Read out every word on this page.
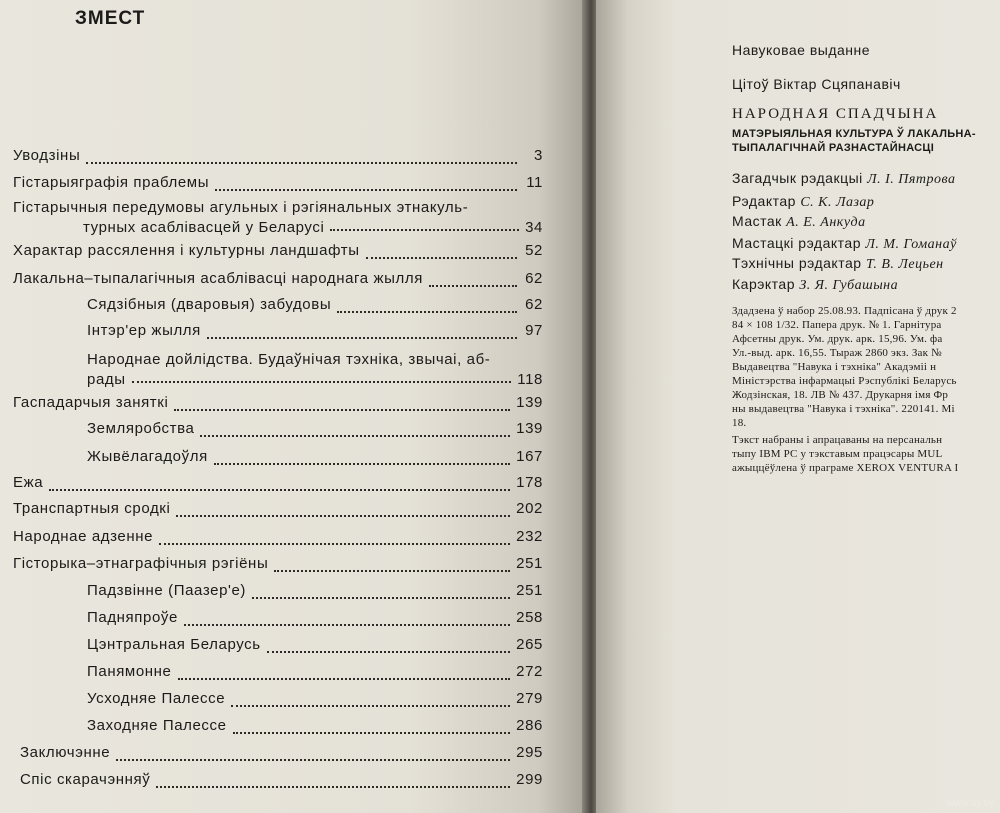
ЗМЕСТ
Уводзіны	3
Гістарыяграфія праблемы	11
Гістарычныя передумовы агульных і рэгіянальных этнакуль-
турных асаблівасцей у Беларусі	34
Характар рассялення і культурны ландшафты	52
Лакальна–тыпалагічныя асаблівасці народнага жылля	62
Сядзібныя (дваровыя) забудовы	62
Інтэр'ер жылля	97
Народнае дойлідства. Будаўнічая тэхніка, звычаі, аб-
рады	118
Гаспадарчыя заняткі	139
Земляробства	139
Жывёлагадоўля	167
Ежа	178
Транспартныя сродкі	202
Народнае адзенне	232
Гісторыка–этнаграфічныя рэгіёны	251
Падзвінне (Паазер'е)	251
Падняпроўе	258
Цэнтральная Беларусь	265
Панямонне	272
Усходняе Палессе	279
Заходняе Палессе	286
Заключэнне	295
Спіс скарачэнняў	299
Навуковае выданне
Цітоў Віктар Сцяпанавіч
НАРОДНАЯ СПАДЧЫНА
МАТЭРЫЯЛЬНАЯ КУЛЬТУРА Ў ЛАКАЛЬНА-
ТЫПАЛАГІЧНАЙ РАЗНАСТАЙНАСЦІ
Загадчык рэдакцыі Л. І. Пятрова
Рэдактар С. К. Лазар
Мастак А. Е. Анкуда
Мастацкі рэдактар Л. М. Гоманаў
Тэхнічны рэдактар Т. В. Лецьен
Карэктар З. Я. Губашына
Здадзена ў набор 25.08.93. Падпісана ў друк 2
84 × 108 1/32. Папера друк. № 1. Гарнітура
Афсетны друк. Ум. друк. арк. 15,96. Ум. фа
Ул.-выд. арк. 16,55. Тыраж 2860 экз. Зак №
Выдавецтва "Навука і тэхніка" Акадэміі н
Міністэрства інфармацыі Рэспублікі Беларусь
Жодзінская, 18. ЛВ № 437. Друкарня імя Фр
ны выдавецтва "Навука і тэхніка". 220141. Мі
18.
Тэкст набраны і апрацаваны на персанальн
тыпу IBM PC у тэкставым працэсары MUL
ажыццёўлена ў праграме XEROX VENTURA I
www.ay.by
